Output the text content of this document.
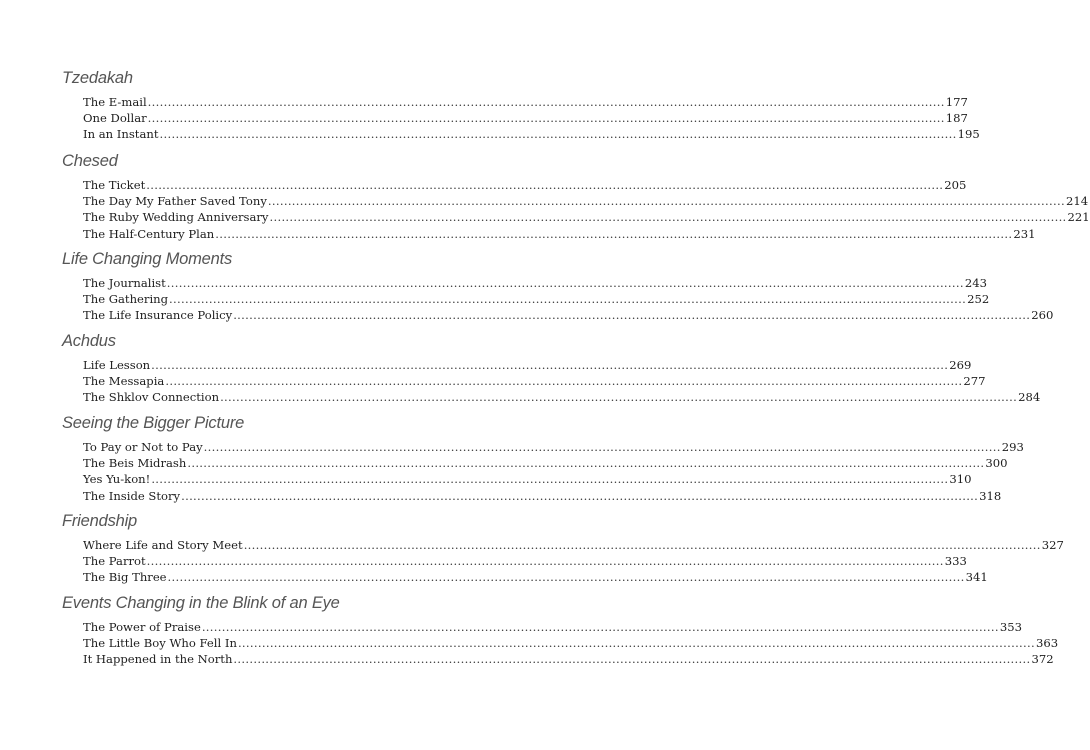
Tzedakah
The E-mail ........................................................................................................................................................................................................ 177
One Dollar ........................................................................................................................................................................................................ 187
In an Instant ........................................................................................................................................................................................................ 195
Chesed
The Ticket ........................................................................................................................................................................................................ 205
The Day My Father Saved Tony ........................................................................................................................................................................................................ 214
The Ruby Wedding Anniversary ........................................................................................................................................................................................................ 221
The Half-Century Plan ........................................................................................................................................................................................................ 231
Life Changing Moments
The Journalist ........................................................................................................................................................................................................ 243
The Gathering ........................................................................................................................................................................................................ 252
The Life Insurance Policy ........................................................................................................................................................................................................ 260
Achdus
Life Lesson ........................................................................................................................................................................................................ 269
The Messapia ........................................................................................................................................................................................................ 277
The Shklov Connection ........................................................................................................................................................................................................ 284
Seeing the Bigger Picture
To Pay or Not to Pay ........................................................................................................................................................................................................ 293
The Beis Midrash ........................................................................................................................................................................................................ 300
Yes Yu-kon! ........................................................................................................................................................................................................ 310
The Inside Story ........................................................................................................................................................................................................ 318
Friendship
Where Life and Story Meet ........................................................................................................................................................................................................ 327
The Parrot ........................................................................................................................................................................................................ 333
The Big Three ........................................................................................................................................................................................................ 341
Events Changing in the Blink of an Eye
The Power of Praise ........................................................................................................................................................................................................ 353
The Little Boy Who Fell In ........................................................................................................................................................................................................ 363
It Happened in the North ........................................................................................................................................................................................................ 372
